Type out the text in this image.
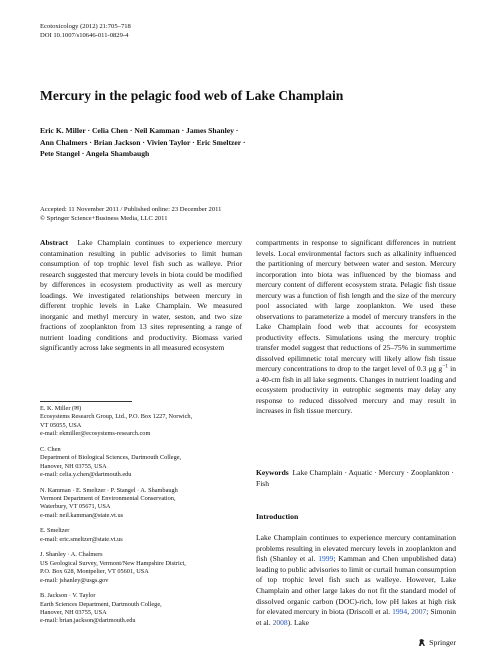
Ecotoxicology (2012) 21:705–718
DOI 10.1007/s10646-011-0829-4
Mercury in the pelagic food web of Lake Champlain
Eric K. Miller · Celia Chen · Neil Kamman · James Shanley ·
Ann Chalmers · Brian Jackson · Vivien Taylor · Eric Smeltzer ·
Pete Stangel · Angela Shambaugh
Accepted: 11 November 2011 / Published online: 23 December 2011
© Springer Science+Business Media, LLC 2011
Abstract Lake Champlain continues to experience mercury contamination resulting in public advisories to limit human consumption of top trophic level fish such as walleye. Prior research suggested that mercury levels in biota could be modified by differences in ecosystem productivity as well as mercury loadings. We investigated relationships between mercury in different trophic levels in Lake Champlain. We measured inorganic and methyl mercury in water, seston, and two size fractions of zooplankton from 13 sites representing a range of nutrient loading conditions and productivity. Biomass varied significantly across lake segments in all measured ecosystem
E. K. Miller (✉)
Ecosystems Research Group, Ltd., P.O. Box 1227, Norwich,
VT 05055, USA
e-mail: ekmiller@ecosystems-research.com
C. Chen
Department of Biological Sciences, Dartmouth College,
Hanover, NH 03755, USA
e-mail: celia.y.chen@dartmouth.edu
N. Kamman · E. Smeltzer · P. Stangel · A. Shambaugh
Vermont Department of Environmental Conservation,
Waterbury, VT 05671, USA
e-mail: neil.kamman@state.vt.us
E. Smeltzer
e-mail: eric.smeltzer@state.vt.us
J. Shanley · A. Chalmers
US Geological Survey, Vermont/New Hampshire District,
P.O. Box 628, Montpelier, VT 05601, USA
e-mail: jshanley@usgs.gov
B. Jackson · V. Taylor
Earth Sciences Department, Dartmouth College,
Hanover, NH 03755, USA
e-mail: brian.jackson@dartmouth.edu
compartments in response to significant differences in nutrient levels. Local environmental factors such as alkalinity influenced the partitioning of mercury between water and seston. Mercury incorporation into biota was influenced by the biomass and mercury content of different ecosystem strata. Pelagic fish tissue mercury was a function of fish length and the size of the mercury pool associated with large zooplankton. We used these observations to parameterize a model of mercury transfers in the Lake Champlain food web that accounts for ecosystem productivity effects. Simulations using the mercury trophic transfer model suggest that reductions of 25–75% in summertime dissolved epilimnetic total mercury will likely allow fish tissue mercury concentrations to drop to the target level of 0.3 μg $g^{-1}$ in a 40-cm fish in all lake segments. Changes in nutrient loading and ecosystem productivity in eutrophic segments may delay any response to reduced dissolved mercury and may result in increases in fish tissue mercury.
Keywords Lake Champlain · Aquatic · Mercury · Zooplankton · Fish
Introduction
Lake Champlain continues to experience mercury contamination problems resulting in elevated mercury levels in zooplankton and fish (Shanley et al. 1999; Kamman and Chen unpublished data) leading to public advisories to limit or curtail human consumption of top trophic level fish such as walleye. However, Lake Champlain and other large lakes do not fit the standard model of dissolved organic carbon (DOC)-rich, low pH lakes at high risk for elevated mercury in biota (Driscoll et al. 1994, 2007; Simonin et al. 2008). Lake
Springer
